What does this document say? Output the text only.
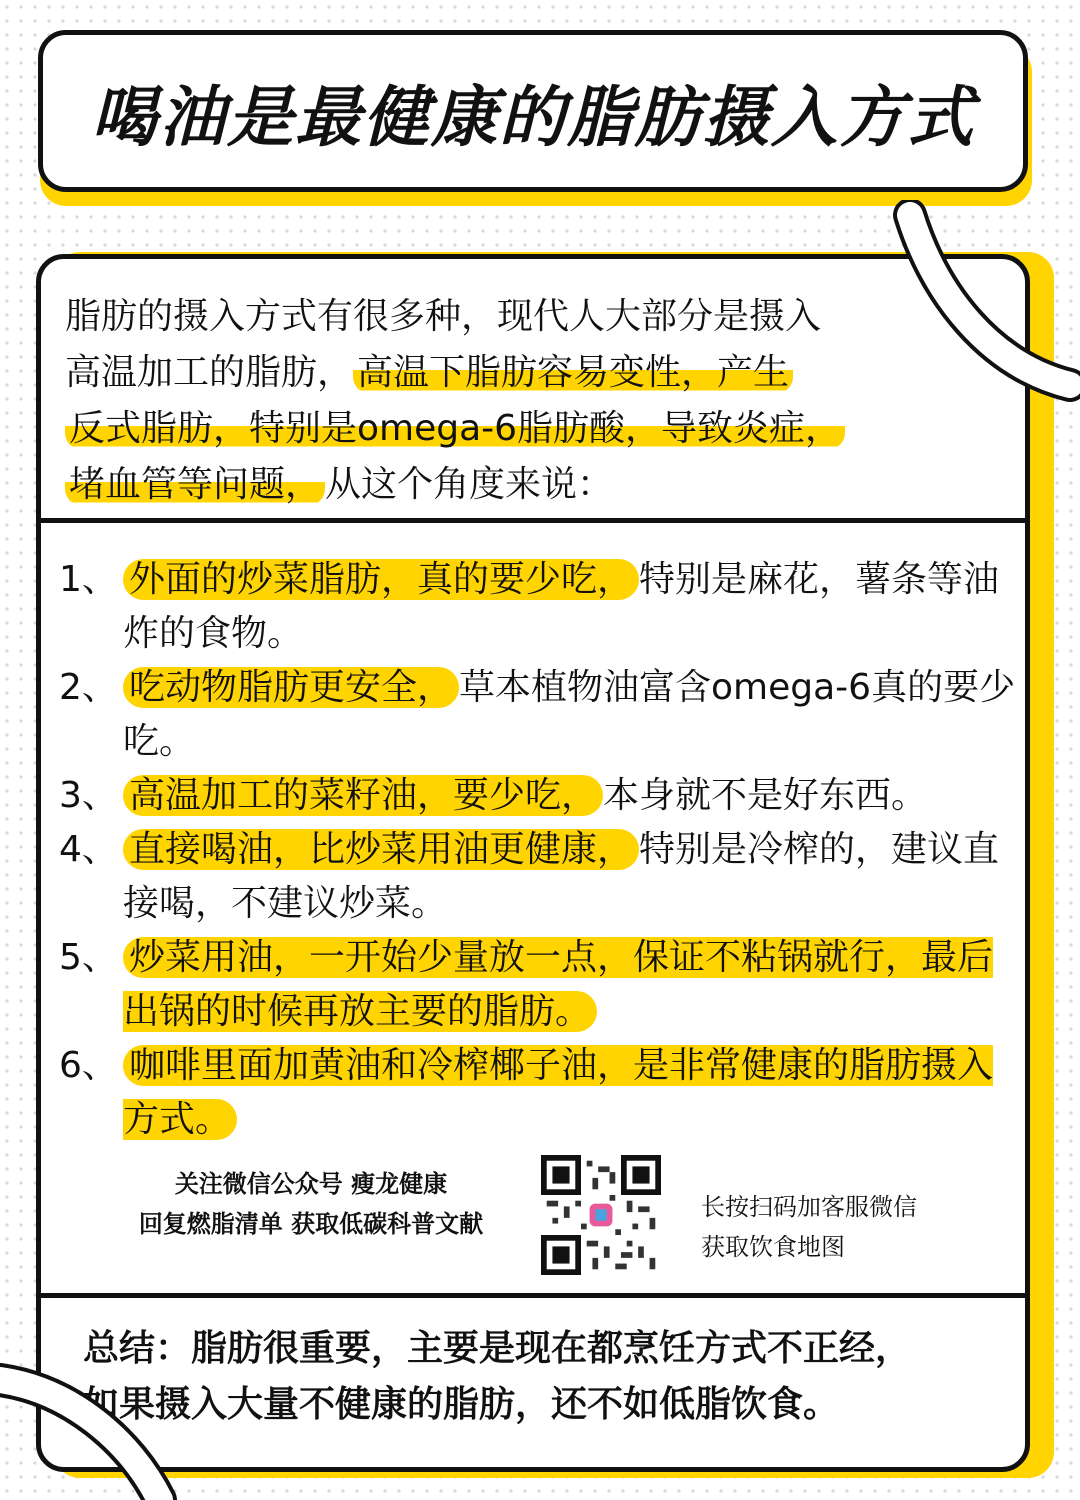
喝油是最健康的脂肪摄入方式
脂肪的摄入方式有很多种，现代人大部分是摄入
高温加工的脂肪， 高温下脂肪容易变性，产生
反式脂肪，特别是omega-6脂肪酸，导致炎症，
堵血管等问题， 从这个角度来说：
1、 外面的炒菜脂肪，真的要少吃， 特别是麻花，薯条等油炸的食物。
2、 吃动物脂肪更安全， 草本植物油富含omega-6真的要少吃。
3、 高温加工的菜籽油，要少吃， 本身就不是好东西。
4、 直接喝油，比炒菜用油更健康， 特别是冷榨的，建议直接喝，不建议炒菜。
5、 炒菜用油，一开始少量放一点，保证不粘锅就行，最后出锅的时候再放主要的脂肪。
6、 咖啡里面加黄油和冷榨椰子油，是非常健康的脂肪摄入方式。
关注微信公众号 瘦龙健康
回复燃脂清单 获取低碳科普文献
长按扫码加客服微信
获取饮食地图
总结：脂肪很重要，主要是现在都烹饪方式不正经，
如果摄入大量不健康的脂肪，还不如低脂饮食。
